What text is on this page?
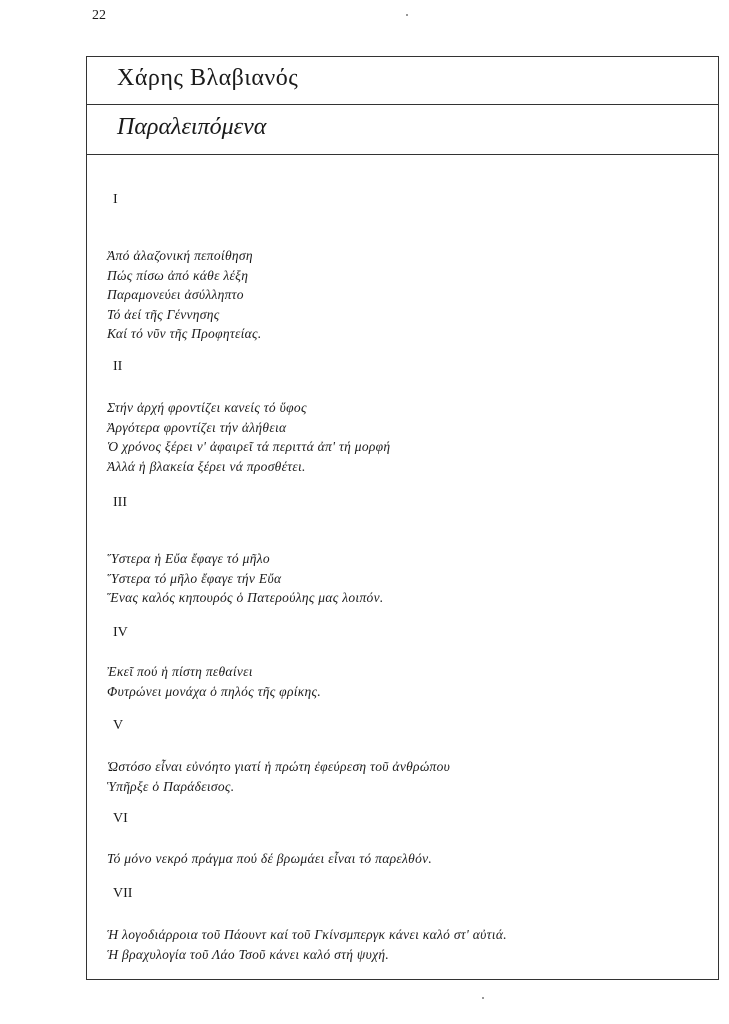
22
Χάρης Βλαβιανός
Παραλειπόμενα
I
Ἀπό ἀλαζονική πεποίθηση
Πώς πίσω ἀπό κάθε λέξη
Παραμονεύει ἀσύλληπτο
Τό ἀεί τῆς Γέννησης
Καί τό νῦν τῆς Προφητείας.
II
Στήν ἀρχή φροντίζει κανείς τό ὕφος
Ἀργότερα φροντίζει τήν ἀλήθεια
Ὁ χρόνος ξέρει ν' ἀφαιρεῖ τά περιττά ἀπ' τή μορφή
Ἀλλά ἡ βλακεία ξέρει νά προσθέτει.
III
Ὕστερα ἡ Εὔα ἔφαγε τό μῆλο
Ὕστερα τό μῆλο ἔφαγε τήν Εὔα
Ἕνας καλός κηπουρός ὁ Πατερούλης μας λοιπόν.
IV
Ἐκεῖ πού ἡ πίστη πεθαίνει
Φυτρώνει μονάχα ὁ πηλός τῆς φρίκης.
V
Ὡστόσο εἶναι εὐνόητο γιατί ἡ πρώτη ἐφεύρεση τοῦ ἀνθρώπου
Ὑπῆρξε ὁ Παράδεισος.
VI
Τό μόνο νεκρό πράγμα πού δέ βρωμάει εἶναι τό παρελθόν.
VII
Ἡ λογοδιάρροια τοῦ Πάουντ καί τοῦ Γκίνσμπεργκ κάνει καλό στ' αὐτιά.
Ἡ βραχυλογία τοῦ Λάο Τσοῦ κάνει καλό στή ψυχή.
